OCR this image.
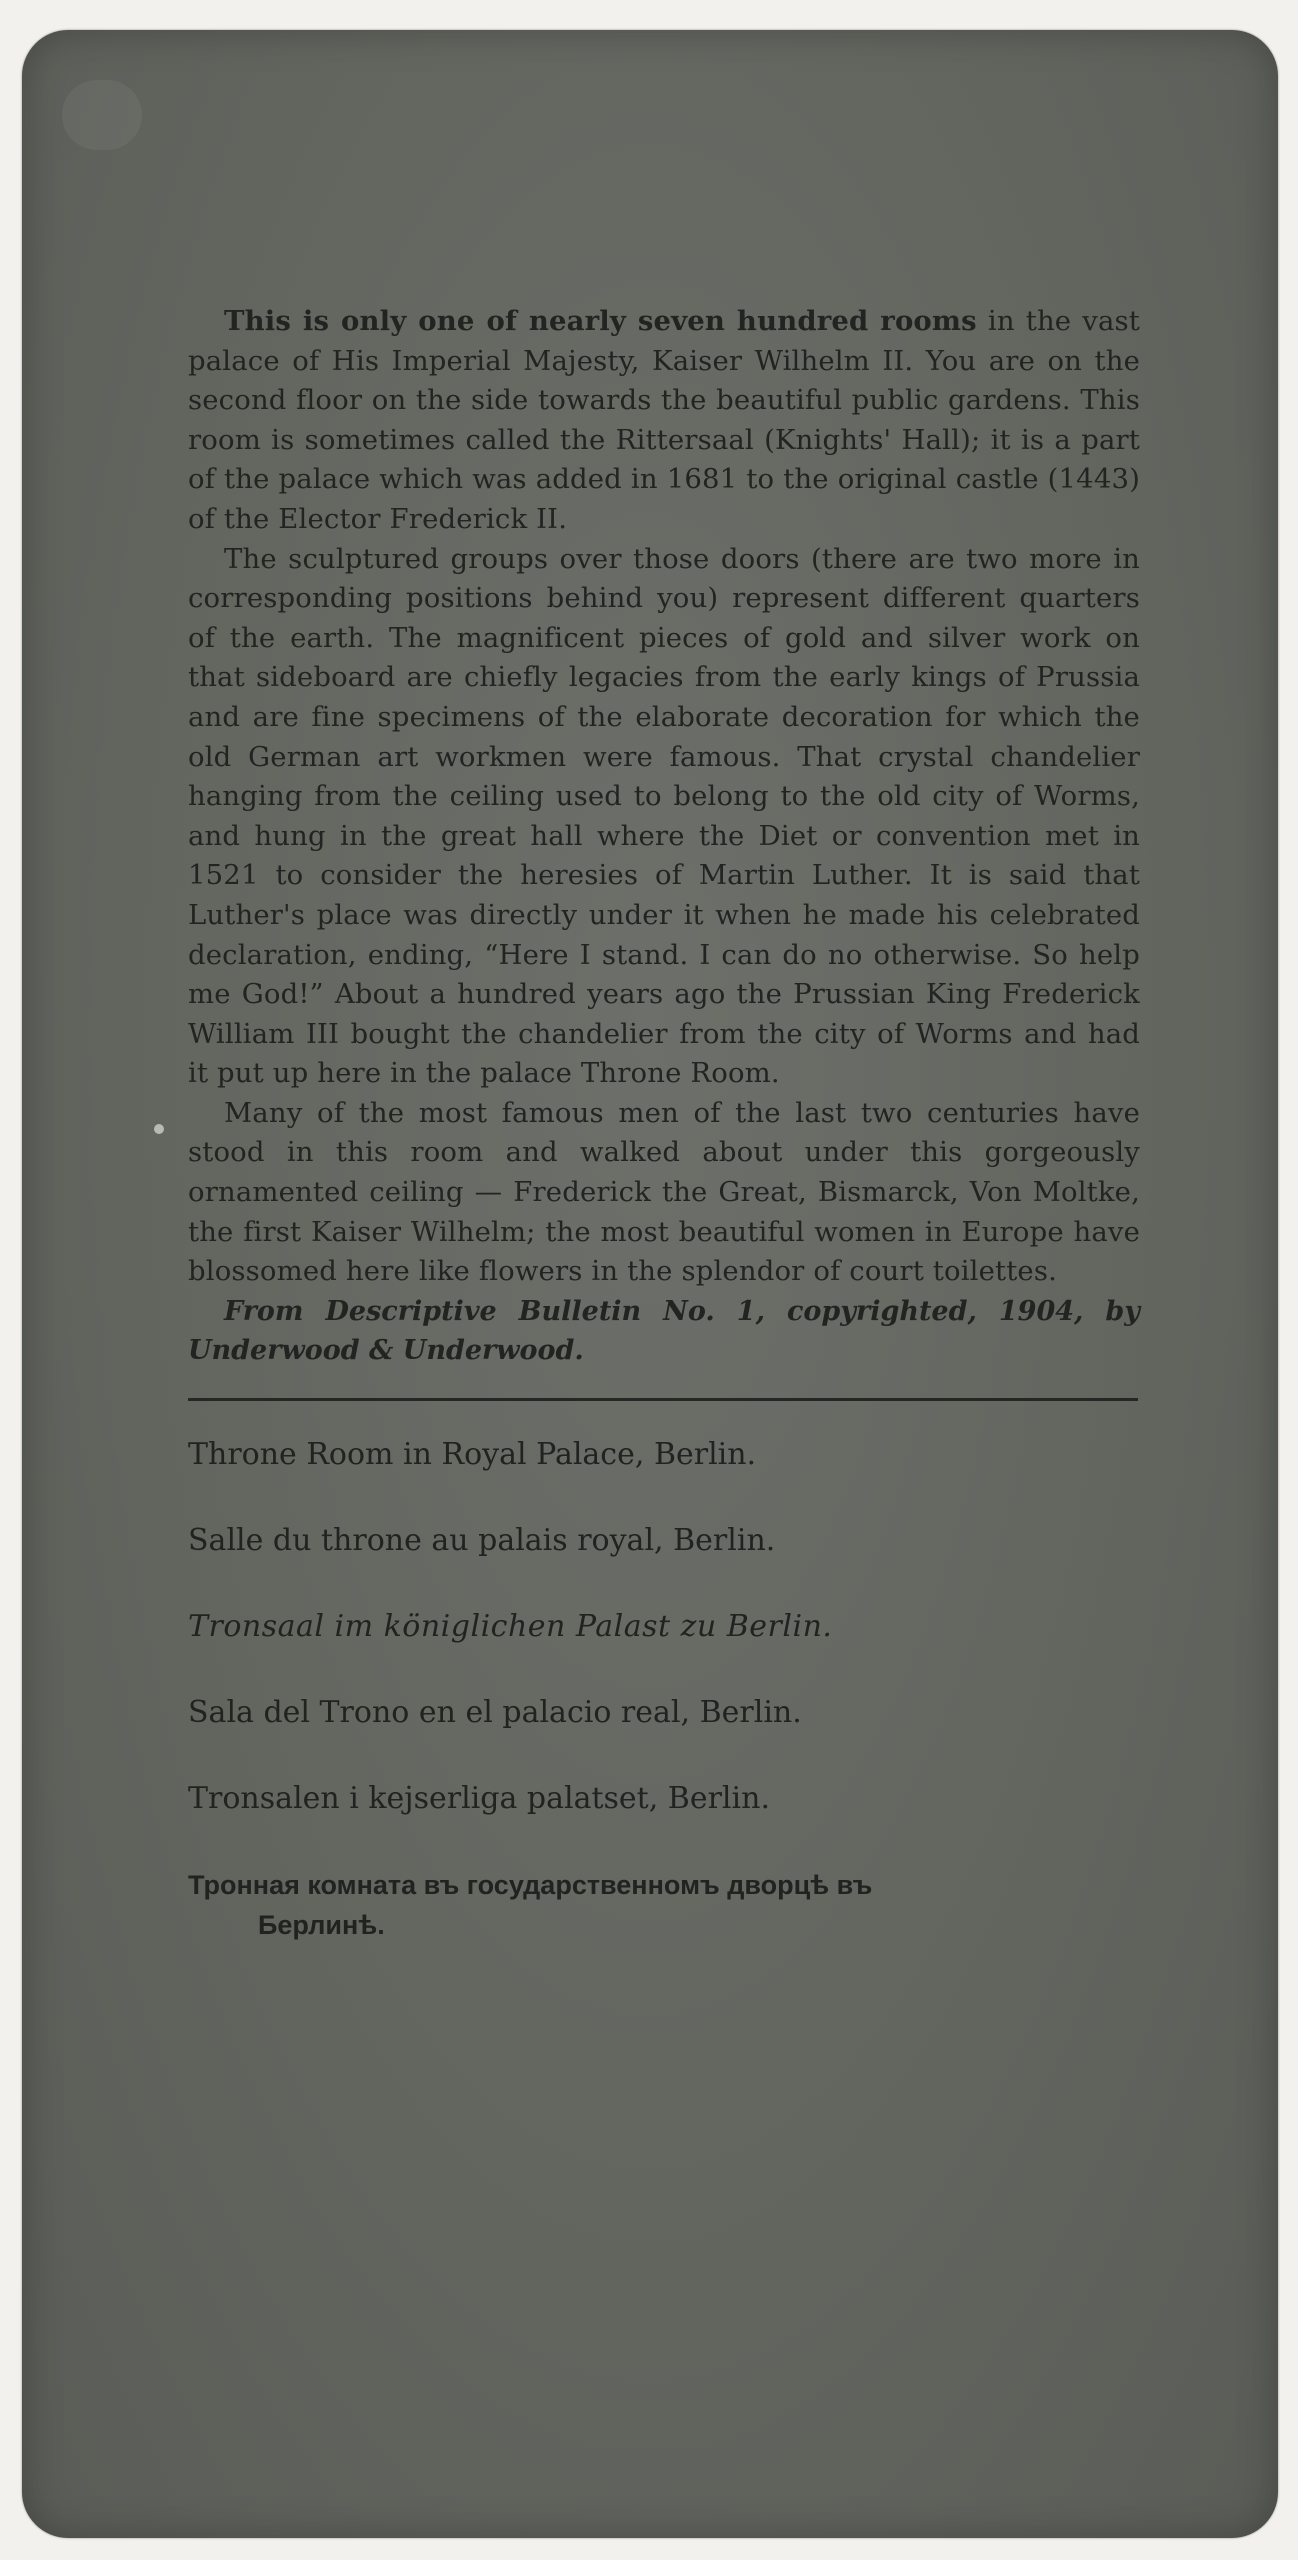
This is only one of nearly seven hundred rooms in the vast palace of His Imperial Majesty, Kaiser Wilhelm II. You are on the second floor on the side towards the beautiful public gardens. This room is sometimes called the Rittersaal (Knights' Hall); it is a part of the palace which was added in 1681 to the original castle (1443) of the Elector Frederick II.

The sculptured groups over those doors (there are two more in corresponding positions behind you) represent different quarters of the earth. The magnificent pieces of gold and silver work on that sideboard are chiefly legacies from the early kings of Prussia and are fine specimens of the elaborate decoration for which the old German art workmen were famous. That crystal chandelier hanging from the ceiling used to belong to the old city of Worms, and hung in the great hall where the Diet or convention met in 1521 to consider the heresies of Martin Luther. It is said that Luther's place was directly under it when he made his celebrated declaration, ending, “Here I stand. I can do no otherwise. So help me God!” About a hundred years ago the Prussian King Frederick William III bought the chandelier from the city of Worms and had it put up here in the palace Throne Room.

Many of the most famous men of the last two centuries have stood in this room and walked about under this gorgeously ornamented ceiling — Frederick the Great, Bismarck, Von Moltke, the first Kaiser Wilhelm; the most beautiful women in Europe have blossomed here like flowers in the splendor of court toilettes.

From Descriptive Bulletin No. 1, copyrighted, 1904, by Underwood & Underwood.

Throne Room in Royal Palace, Berlin.

Salle du throne au palais royal, Berlin.

Tronsaal im königlichen Palast zu Berlin.

Sala del Trono en el palacio real, Berlin.

Tronsalen i kejserliga palatset, Berlin.

Тронная комната въ государственномъ дворцѣ въ
Берлинѣ.
